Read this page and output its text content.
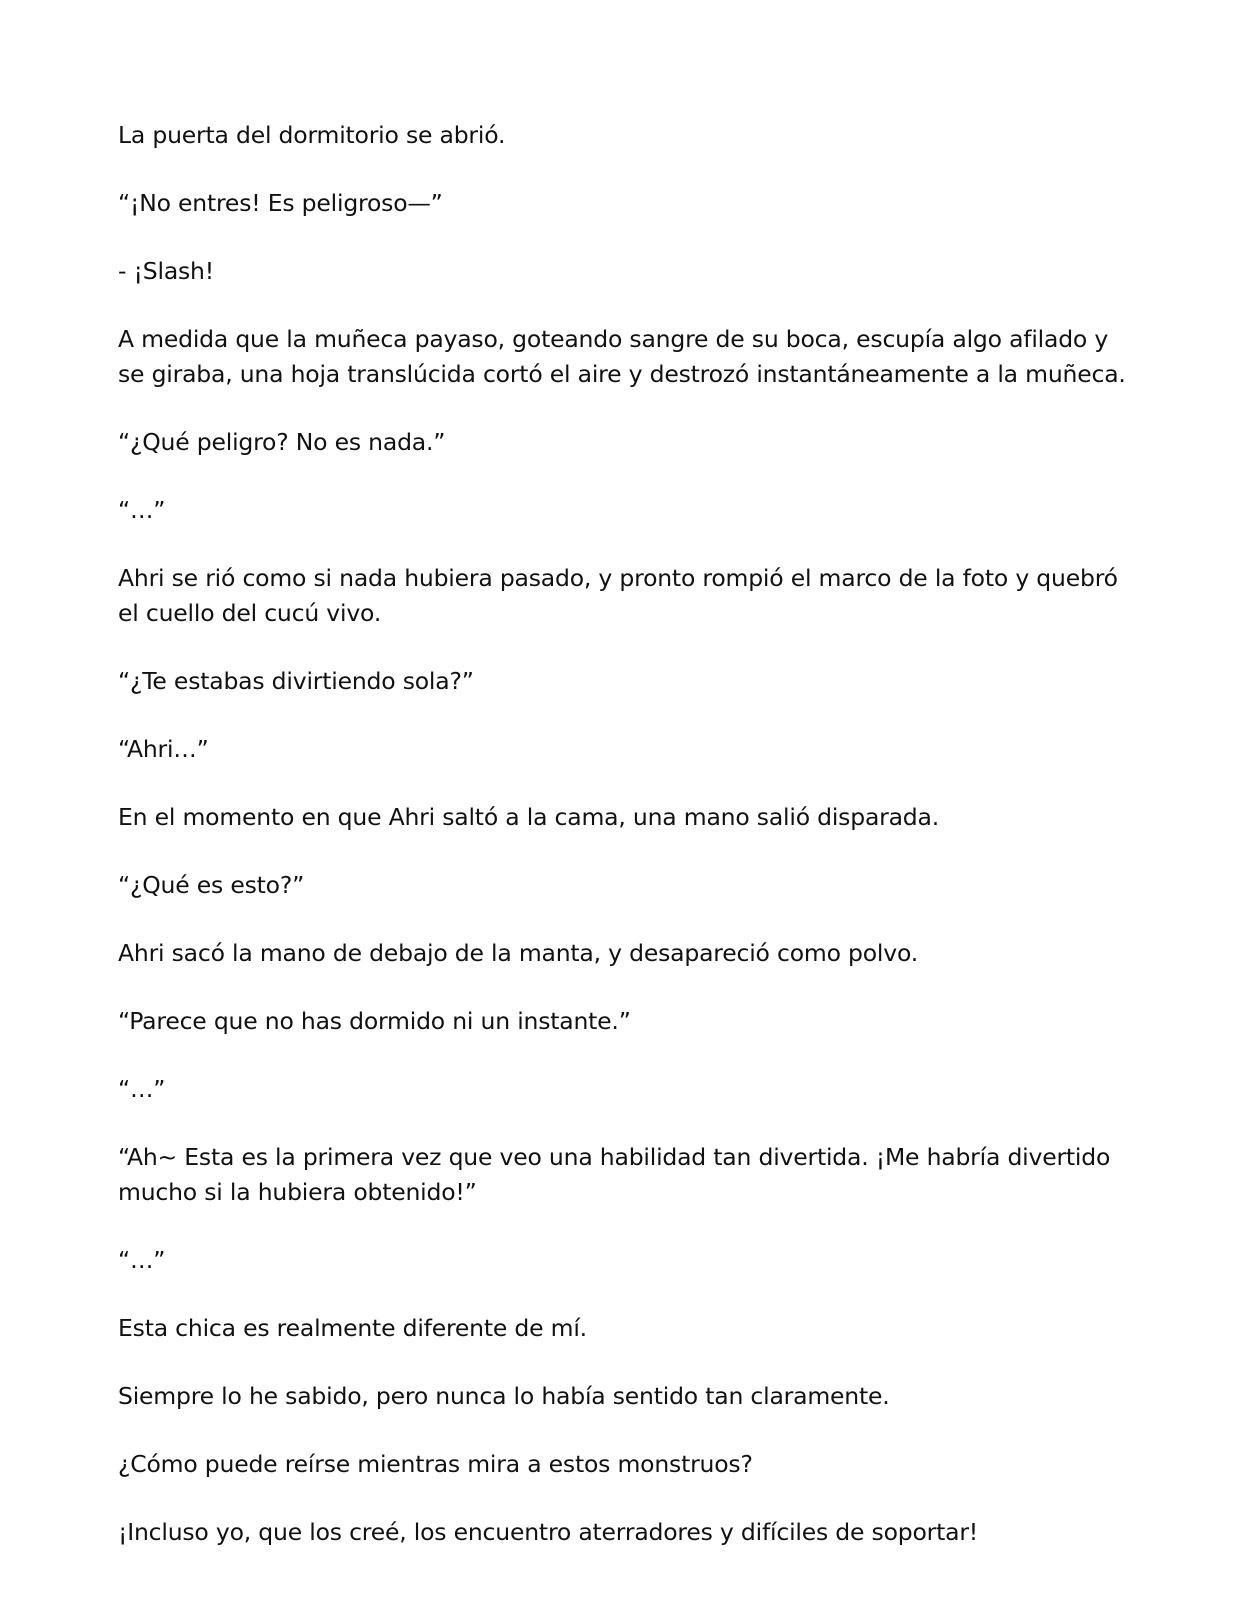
La puerta del dormitorio se abrió.

“¡No entres! Es peligroso—”

- ¡Slash!

A medida que la muñeca payaso, goteando sangre de su boca, escupía algo afilado y se giraba, una hoja translúcida cortó el aire y destrozó instantáneamente a la muñeca.

“¿Qué peligro? No es nada.”

“…”

Ahri se rió como si nada hubiera pasado, y pronto rompió el marco de la foto y quebró el cuello del cucú vivo.

“¿Te estabas divirtiendo sola?”

“Ahri…”

En el momento en que Ahri saltó a la cama, una mano salió disparada.

“¿Qué es esto?”

Ahri sacó la mano de debajo de la manta, y desapareció como polvo.

“Parece que no has dormido ni un instante.”

“…”

“Ah~ Esta es la primera vez que veo una habilidad tan divertida. ¡Me habría divertido mucho si la hubiera obtenido!”

“…”

Esta chica es realmente diferente de mí.

Siempre lo he sabido, pero nunca lo había sentido tan claramente.

¿Cómo puede reírse mientras mira a estos monstruos?

¡Incluso yo, que los creé, los encuentro aterradores y difíciles de soportar!
